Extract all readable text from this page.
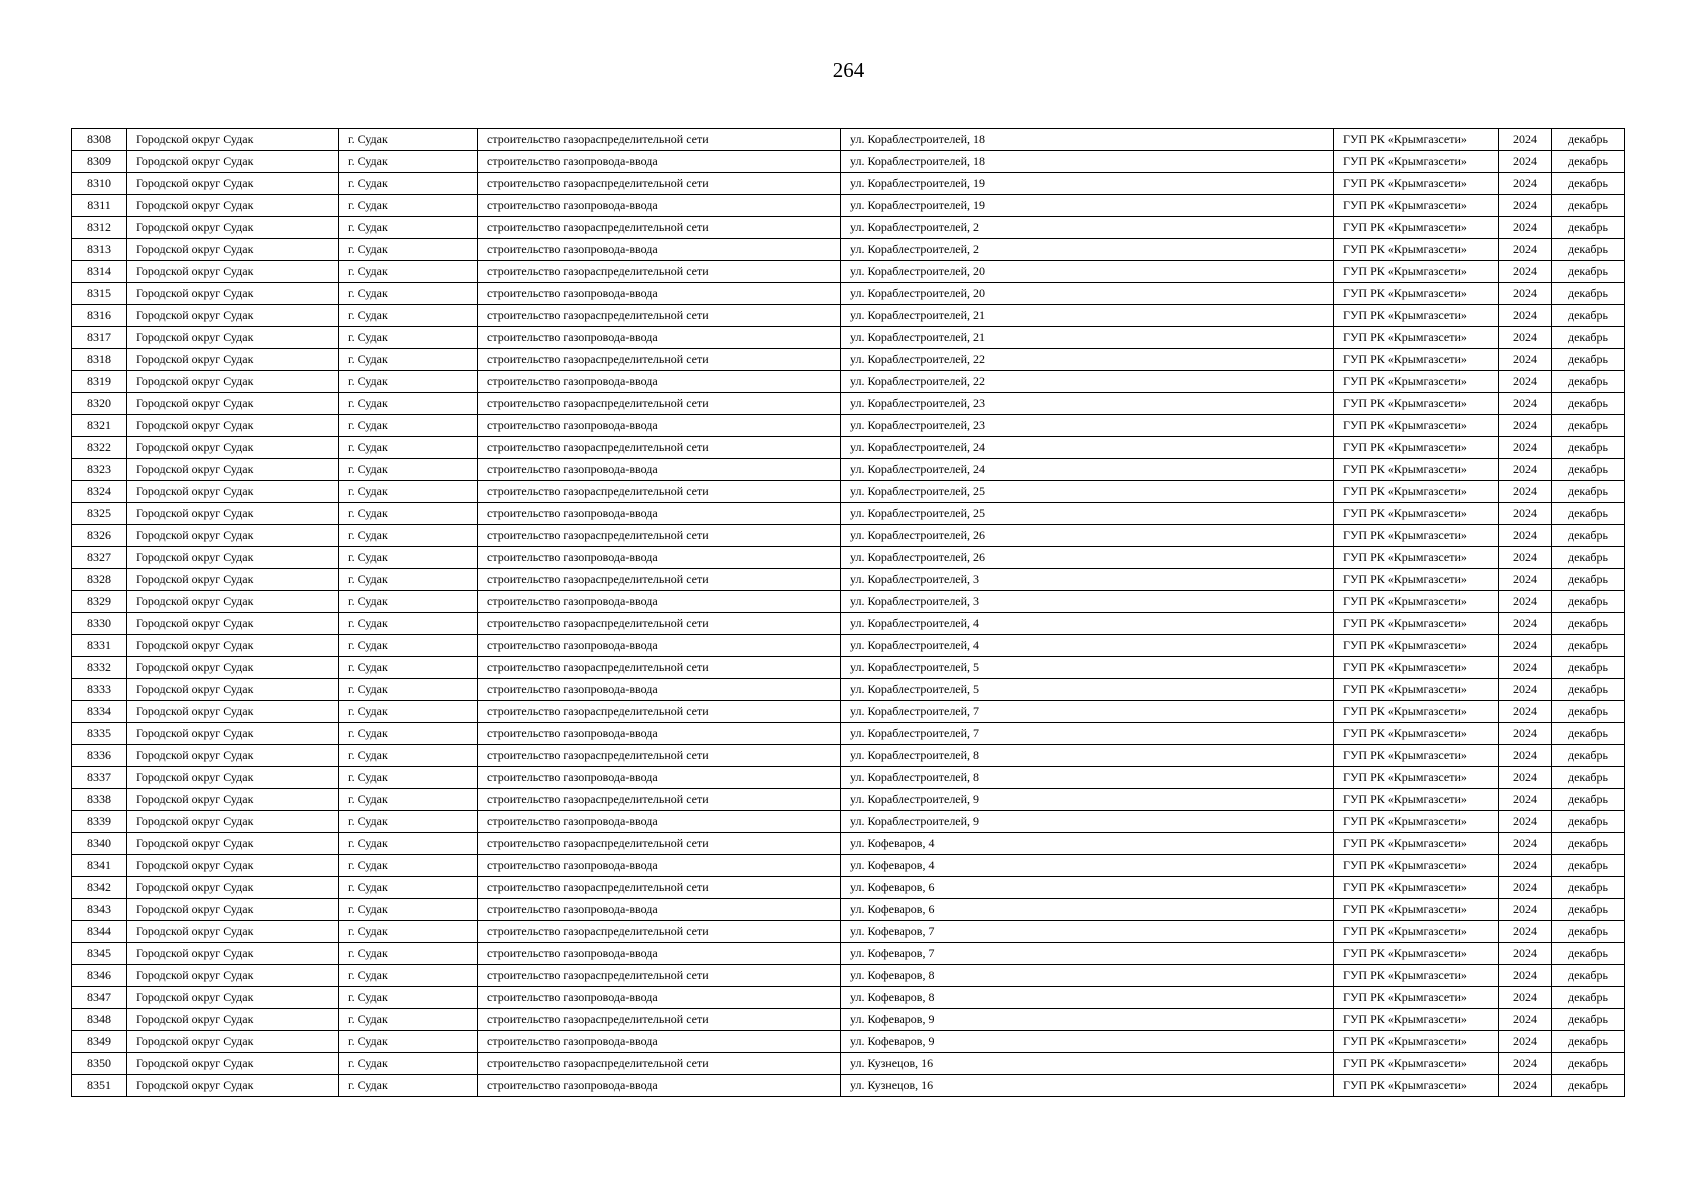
264
8308	Городской округ Судак	г. Судак	строительство газораспределительной сети	ул. Кораблестроителей, 18	ГУП РК «Крымгазсети»	2024	декабрь
8309	Городской округ Судак	г. Судак	строительство газопровода-ввода	ул. Кораблестроителей, 18	ГУП РК «Крымгазсети»	2024	декабрь
8310	Городской округ Судак	г. Судак	строительство газораспределительной сети	ул. Кораблестроителей, 19	ГУП РК «Крымгазсети»	2024	декабрь
8311	Городской округ Судак	г. Судак	строительство газопровода-ввода	ул. Кораблестроителей, 19	ГУП РК «Крымгазсети»	2024	декабрь
8312	Городской округ Судак	г. Судак	строительство газораспределительной сети	ул. Кораблестроителей, 2	ГУП РК «Крымгазсети»	2024	декабрь
8313	Городской округ Судак	г. Судак	строительство газопровода-ввода	ул. Кораблестроителей, 2	ГУП РК «Крымгазсети»	2024	декабрь
8314	Городской округ Судак	г. Судак	строительство газораспределительной сети	ул. Кораблестроителей, 20	ГУП РК «Крымгазсети»	2024	декабрь
8315	Городской округ Судак	г. Судак	строительство газопровода-ввода	ул. Кораблестроителей, 20	ГУП РК «Крымгазсети»	2024	декабрь
8316	Городской округ Судак	г. Судак	строительство газораспределительной сети	ул. Кораблестроителей, 21	ГУП РК «Крымгазсети»	2024	декабрь
8317	Городской округ Судак	г. Судак	строительство газопровода-ввода	ул. Кораблестроителей, 21	ГУП РК «Крымгазсети»	2024	декабрь
8318	Городской округ Судак	г. Судак	строительство газораспределительной сети	ул. Кораблестроителей, 22	ГУП РК «Крымгазсети»	2024	декабрь
8319	Городской округ Судак	г. Судак	строительство газопровода-ввода	ул. Кораблестроителей, 22	ГУП РК «Крымгазсети»	2024	декабрь
8320	Городской округ Судак	г. Судак	строительство газораспределительной сети	ул. Кораблестроителей, 23	ГУП РК «Крымгазсети»	2024	декабрь
8321	Городской округ Судак	г. Судак	строительство газопровода-ввода	ул. Кораблестроителей, 23	ГУП РК «Крымгазсети»	2024	декабрь
8322	Городской округ Судак	г. Судак	строительство газораспределительной сети	ул. Кораблестроителей, 24	ГУП РК «Крымгазсети»	2024	декабрь
8323	Городской округ Судак	г. Судак	строительство газопровода-ввода	ул. Кораблестроителей, 24	ГУП РК «Крымгазсети»	2024	декабрь
8324	Городской округ Судак	г. Судак	строительство газораспределительной сети	ул. Кораблестроителей, 25	ГУП РК «Крымгазсети»	2024	декабрь
8325	Городской округ Судак	г. Судак	строительство газопровода-ввода	ул. Кораблестроителей, 25	ГУП РК «Крымгазсети»	2024	декабрь
8326	Городской округ Судак	г. Судак	строительство газораспределительной сети	ул. Кораблестроителей, 26	ГУП РК «Крымгазсети»	2024	декабрь
8327	Городской округ Судак	г. Судак	строительство газопровода-ввода	ул. Кораблестроителей, 26	ГУП РК «Крымгазсети»	2024	декабрь
8328	Городской округ Судак	г. Судак	строительство газораспределительной сети	ул. Кораблестроителей, 3	ГУП РК «Крымгазсети»	2024	декабрь
8329	Городской округ Судак	г. Судак	строительство газопровода-ввода	ул. Кораблестроителей, 3	ГУП РК «Крымгазсети»	2024	декабрь
8330	Городской округ Судак	г. Судак	строительство газораспределительной сети	ул. Кораблестроителей, 4	ГУП РК «Крымгазсети»	2024	декабрь
8331	Городской округ Судак	г. Судак	строительство газопровода-ввода	ул. Кораблестроителей, 4	ГУП РК «Крымгазсети»	2024	декабрь
8332	Городской округ Судак	г. Судак	строительство газораспределительной сети	ул. Кораблестроителей, 5	ГУП РК «Крымгазсети»	2024	декабрь
8333	Городской округ Судак	г. Судак	строительство газопровода-ввода	ул. Кораблестроителей, 5	ГУП РК «Крымгазсети»	2024	декабрь
8334	Городской округ Судак	г. Судак	строительство газораспределительной сети	ул. Кораблестроителей, 7	ГУП РК «Крымгазсети»	2024	декабрь
8335	Городской округ Судак	г. Судак	строительство газопровода-ввода	ул. Кораблестроителей, 7	ГУП РК «Крымгазсети»	2024	декабрь
8336	Городской округ Судак	г. Судак	строительство газораспределительной сети	ул. Кораблестроителей, 8	ГУП РК «Крымгазсети»	2024	декабрь
8337	Городской округ Судак	г. Судак	строительство газопровода-ввода	ул. Кораблестроителей, 8	ГУП РК «Крымгазсети»	2024	декабрь
8338	Городской округ Судак	г. Судак	строительство газораспределительной сети	ул. Кораблестроителей, 9	ГУП РК «Крымгазсети»	2024	декабрь
8339	Городской округ Судак	г. Судак	строительство газопровода-ввода	ул. Кораблестроителей, 9	ГУП РК «Крымгазсети»	2024	декабрь
8340	Городской округ Судак	г. Судак	строительство газораспределительной сети	ул. Кофеваров, 4	ГУП РК «Крымгазсети»	2024	декабрь
8341	Городской округ Судак	г. Судак	строительство газопровода-ввода	ул. Кофеваров, 4	ГУП РК «Крымгазсети»	2024	декабрь
8342	Городской округ Судак	г. Судак	строительство газораспределительной сети	ул. Кофеваров, 6	ГУП РК «Крымгазсети»	2024	декабрь
8343	Городской округ Судак	г. Судак	строительство газопровода-ввода	ул. Кофеваров, 6	ГУП РК «Крымгазсети»	2024	декабрь
8344	Городской округ Судак	г. Судак	строительство газораспределительной сети	ул. Кофеваров, 7	ГУП РК «Крымгазсети»	2024	декабрь
8345	Городской округ Судак	г. Судак	строительство газопровода-ввода	ул. Кофеваров, 7	ГУП РК «Крымгазсети»	2024	декабрь
8346	Городской округ Судак	г. Судак	строительство газораспределительной сети	ул. Кофеваров, 8	ГУП РК «Крымгазсети»	2024	декабрь
8347	Городской округ Судак	г. Судак	строительство газопровода-ввода	ул. Кофеваров, 8	ГУП РК «Крымгазсети»	2024	декабрь
8348	Городской округ Судак	г. Судак	строительство газораспределительной сети	ул. Кофеваров, 9	ГУП РК «Крымгазсети»	2024	декабрь
8349	Городской округ Судак	г. Судак	строительство газопровода-ввода	ул. Кофеваров, 9	ГУП РК «Крымгазсети»	2024	декабрь
8350	Городской округ Судак	г. Судак	строительство газораспределительной сети	ул. Кузнецов, 16	ГУП РК «Крымгазсети»	2024	декабрь
8351	Городской округ Судак	г. Судак	строительство газопровода-ввода	ул. Кузнецов, 16	ГУП РК «Крымгазсети»	2024	декабрь
